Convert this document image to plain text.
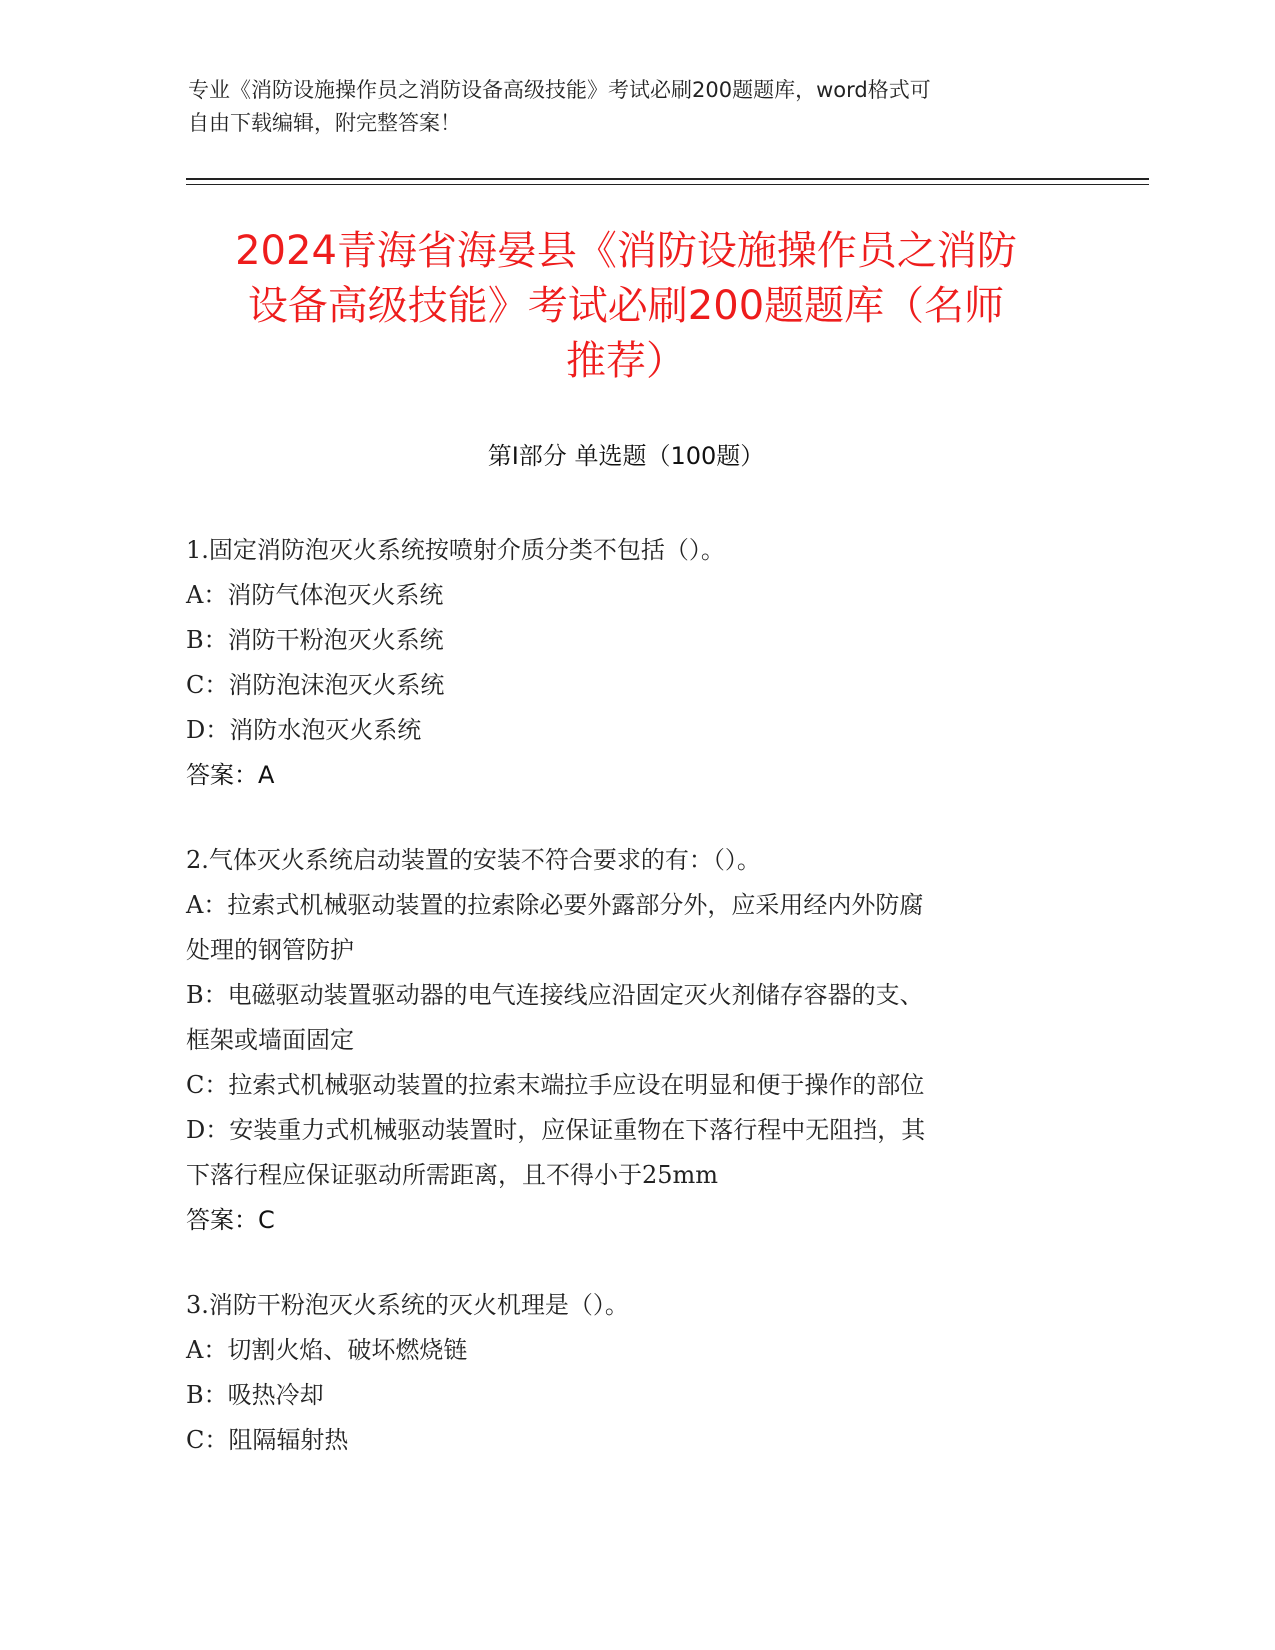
专业《消防设施操作员之消防设备高级技能》考试必刷200题题库，word格式可
自由下载编辑，附完整答案！
2024青海省海晏县《消防设施操作员之消防
设备高级技能》考试必刷200题题库（名师
推荐）
第Ⅰ部分 单选题（100题）
1.固定消防泡灭火系统按喷射介质分类不包括（）。
A：消防气体泡灭火系统
B：消防干粉泡灭火系统
C：消防泡沫泡灭火系统
D：消防水泡灭火系统
答案：A
2.气体灭火系统启动装置的安装不符合要求的有：（）。
A：拉索式机械驱动装置的拉索除必要外露部分外，应采用经内外防腐
处理的钢管防护
B：电磁驱动装置驱动器的电气连接线应沿固定灭火剂储存容器的支、
框架或墙面固定
C：拉索式机械驱动装置的拉索末端拉手应设在明显和便于操作的部位
D：安装重力式机械驱动装置时，应保证重物在下落行程中无阻挡，其
下落行程应保证驱动所需距离，且不得小于25mm
答案：C
3.消防干粉泡灭火系统的灭火机理是（）。
A：切割火焰、破坏燃烧链
B：吸热冷却
C：阻隔辐射热
